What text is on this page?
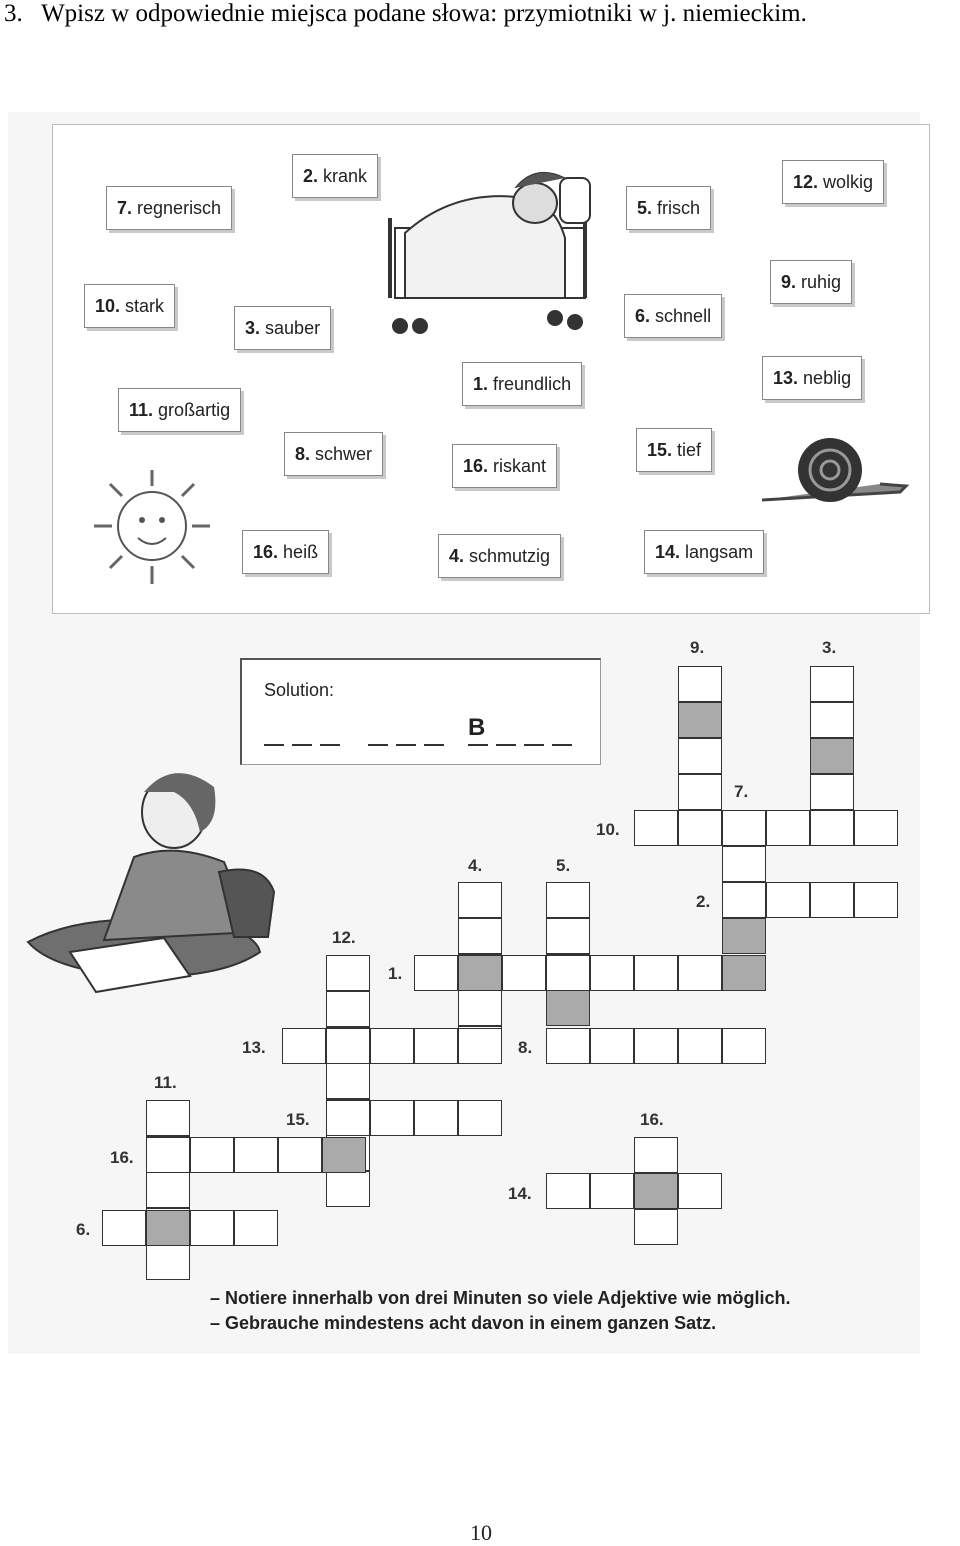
3. Wpisz w odpowiednie miejsca podane słowa: przymiotniki w j. niemieckim.
7. regnerisch
2. krank
5. frisch
12. wolkig
10. stark
3. sauber
6. schnell
9. ruhig
1. freundlich	13. neblig
11. großartig
8. schwer
16. riskant
15. tief
16. heiß	4. schmutzig	14. langsam
Solution:
B
9.	3.
7.
10.
4.	5.
2.
12.
1.
13.	8.
11.
15.	16.
16.
14.
6.
– Notiere innerhalb von drei Minuten so viele Adjektive wie möglich.
– Gebrauche mindestens acht davon in einem ganzen Satz.
10
